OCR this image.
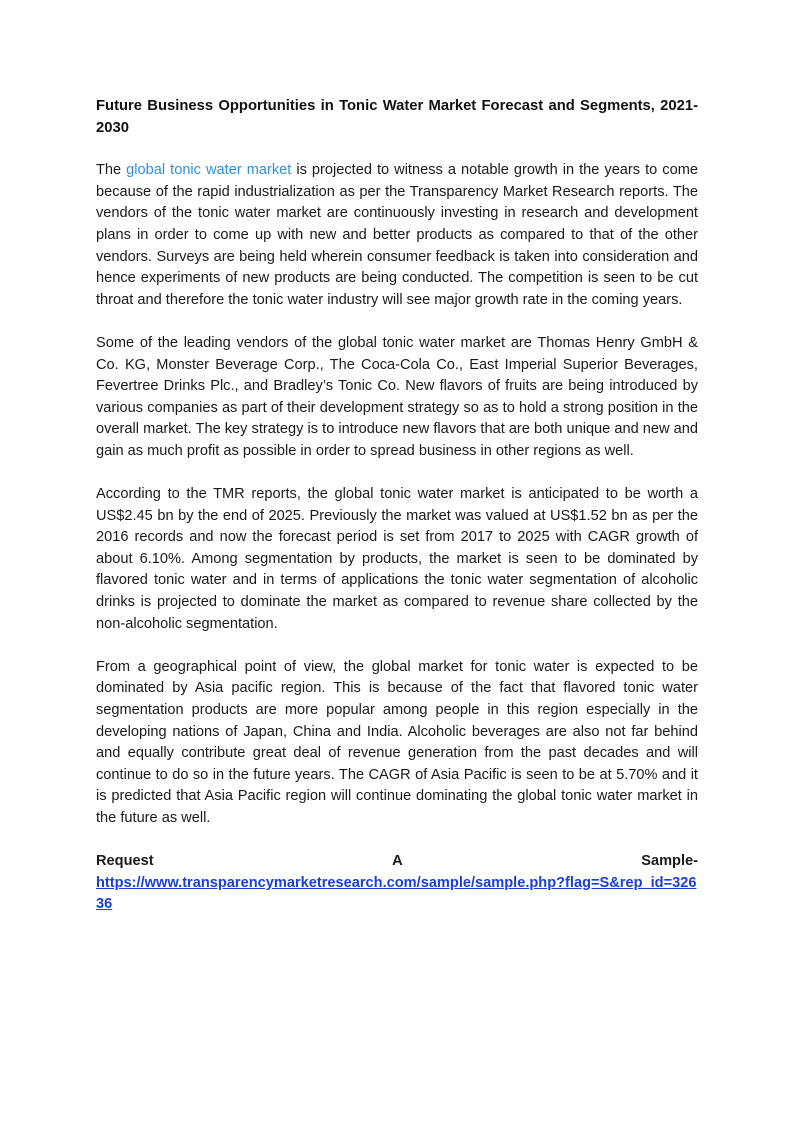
Future Business Opportunities in Tonic Water Market Forecast and Segments, 2021-2030

The global tonic water market is projected to witness a notable growth in the years to come because of the rapid industrialization as per the Transparency Market Research reports. The vendors of the tonic water market are continuously investing in research and development plans in order to come up with new and better products as compared to that of the other vendors. Surveys are being held wherein consumer feedback is taken into consideration and hence experiments of new products are being conducted. The competition is seen to be cut throat and therefore the tonic water industry will see major growth rate in the coming years.

Some of the leading vendors of the global tonic water market are Thomas Henry GmbH & Co. KG, Monster Beverage Corp., The Coca-Cola Co., East Imperial Superior Beverages, Fevertree Drinks Plc., and Bradley’s Tonic Co. New flavors of fruits are being introduced by various companies as part of their development strategy so as to hold a strong position in the overall market. The key strategy is to introduce new flavors that are both unique and new and gain as much profit as possible in order to spread business in other regions as well.

According to the TMR reports, the global tonic water market is anticipated to be worth a US$2.45 bn by the end of 2025. Previously the market was valued at US$1.52 bn as per the 2016 records and now the forecast period is set from 2017 to 2025 with CAGR growth of about 6.10%. Among segmentation by products, the market is seen to be dominated by flavored tonic water and in terms of applications the tonic water segmentation of alcoholic drinks is projected to dominate the market as compared to revenue share collected by the non-alcoholic segmentation.

From a geographical point of view, the global market for tonic water is expected to be dominated by Asia pacific region. This is because of the fact that flavored tonic water segmentation products are more popular among people in this region especially in the developing nations of Japan, China and India. Alcoholic beverages are also not far behind and equally contribute great deal of revenue generation from the past decades and will continue to do so in the future years. The CAGR of Asia Pacific is seen to be at 5.70% and it is predicted that Asia Pacific region will continue dominating the global tonic water market in the future as well.

Request	A	Sample-
https://www.transparencymarketresearch.com/sample/sample.php?flag=S&rep_id=32636
